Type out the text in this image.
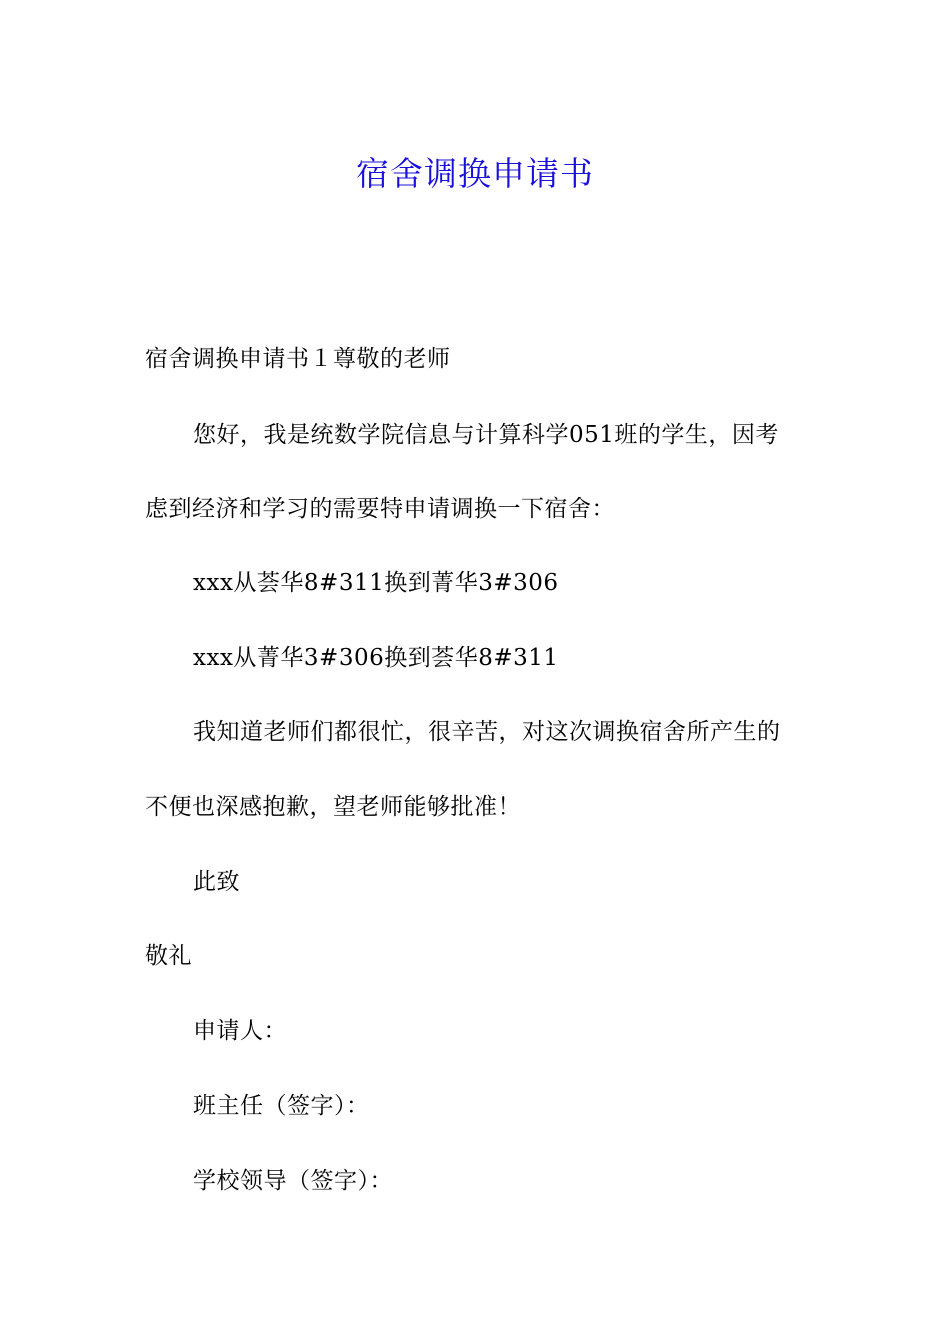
宿舍调换申请书
宿舍调换申请书１尊敬的老师
您好，我是统数学院信息与计算科学051班的学生，因考
虑到经济和学习的需要特申请调换一下宿舍：
xxx从荟华8#311换到菁华3#306
xxx从菁华3#306换到荟华8#311
我知道老师们都很忙，很辛苦，对这次调换宿舍所产生的
不便也深感抱歉，望老师能够批准！
此致
敬礼
申请人：
班主任（签字）：
学校领导（签字）：
